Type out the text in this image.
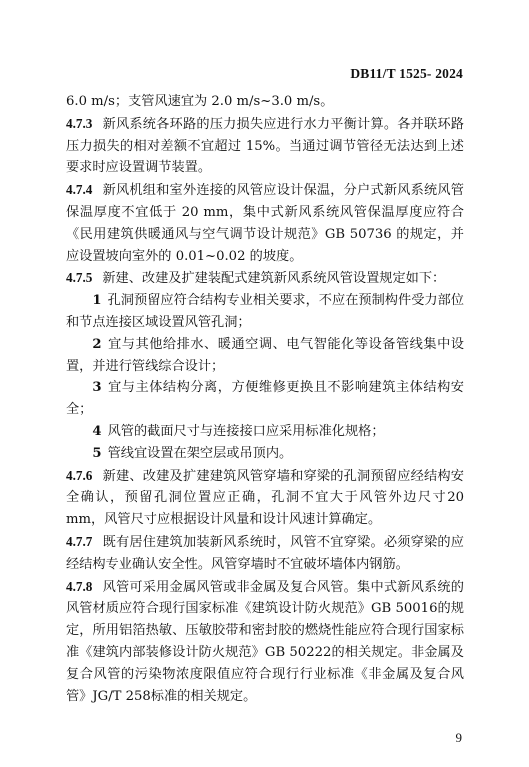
DB11/T 1525- 2024

6.0 m/s；支管风速宜为 2.0 m/s~3.0 m/s。

4.7.3 新风系统各环路的压力损失应进行水力平衡计算。各并联环路压力损失的相对差额不宜超过 15%。当通过调节管径无法达到上述要求时应设置调节装置。

4.7.4 新风机组和室外连接的风管应设计保温，分户式新风系统风管保温厚度不宜低于 20 mm，集中式新风系统风管保温厚度应符合《民用建筑供暖通风与空气调节设计规范》GB 50736 的规定，并应设置坡向室外的 0.01~0.02 的坡度。

4.7.5 新建、改建及扩建装配式建筑新风系统风管设置规定如下：

1 孔洞预留应符合结构专业相关要求，不应在预制构件受力部位和节点连接区域设置风管孔洞；

2 宜与其他给排水、暖通空调、电气智能化等设备管线集中设置，并进行管线综合设计；

3 宜与主体结构分离，方便维修更换且不影响建筑主体结构安全；

4 风管的截面尺寸与连接接口应采用标准化规格；

5 管线宜设置在架空层或吊顶内。

4.7.6 新建、改建及扩建建筑风管穿墙和穿梁的孔洞预留应经结构安全确认，预留孔洞位置应正确，孔洞不宜大于风管外边尺寸20 mm，风管尺寸应根据设计风量和设计风速计算确定。

4.7.7 既有居住建筑加装新风系统时，风管不宜穿梁。必须穿梁的应经结构专业确认安全性。风管穿墙时不宜破坏墙体内钢筋。

4.7.8 风管可采用金属风管或非金属及复合风管。集中式新风系统的风管材质应符合现行国家标准《建筑设计防火规范》GB 50016的规定，所用铝箔热敏、压敏胶带和密封胶的燃烧性能应符合现行国家标准《建筑内部装修设计防火规范》GB 50222的相关规定。非金属及复合风管的污染物浓度限值应符合现行行业标准《非金属及复合风管》JG/T 258标准的相关规定。

9
